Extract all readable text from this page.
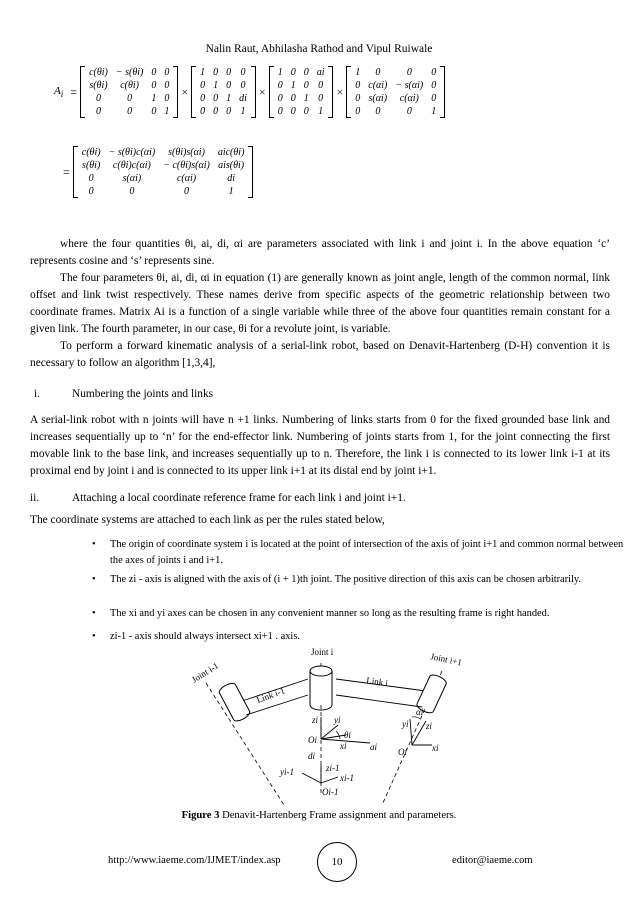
Nalin Raut, Abhilasha Rathod and Vipul Ruiwale
$A_i$ =
c(θi)	− s(θi)	0	0
s(θi)	c(θi)	0	0
0	0	1	0
0	0	0	1
×
1	0	0	0
0	1	0	0
0	0	1	di
0	0	0	1
×
1	0	0	ai
0	1	0	0
0	0	1	0
0	0	0	1
×
1	0	0	0
0	c(αi)	− s(αi)	0
0	s(αi)	c(αi)	0
0	0	0	1
=
c(θi)	− s(θi)c(αi)	s(θi)s(αi)	aic(θi)
s(θi)	c(θi)c(αi)	− c(θi)s(αi)	ais(θi)
0	s(αi)	c(αi)	di
0	0	0	1

where the four quantities θi, ai, di, αi are parameters associated with link i and joint i. In the above equation ‘c’ represents cosine and ‘s’ represents sine.

The four parameters θi, ai, di, αi in equation (1) are generally known as joint angle, length of the common normal, link offset and link twist respectively. These names derive from specific aspects of the geometric relationship between two coordinate frames. Matrix Ai is a function of a single variable while three of the above four quantities remain constant for a given link. The fourth parameter, in our case, θi for a revolute joint, is variable.

To perform a forward kinematic analysis of a serial-link robot, based on Denavit-Hartenberg (D-H) convention it is necessary to follow an algorithm [1,3,4],

i.	Numbering the joints and links

A serial-link robot with n joints will have n +1 links. Numbering of links starts from 0 for the fixed grounded base link and increases sequentially up to ‘n’ for the end-effector link. Numbering of joints starts from 1, for the joint connecting the first movable link to the base link, and increases sequentially up to n. Therefore, the link i is connected to its lower link i-1 at its proximal end by joint i and is connected to its upper link i+1 at its distal end by joint i+1.

ii.	Attaching a local coordinate reference frame for each link i and joint i+1.

The coordinate systems are attached to each link as per the rules stated below,

• The origin of coordinate system i is located at the point of intersection of the axis of joint i+1 and common normal between the axes of joints i and i+1.
• The zi - axis is aligned with the axis of (i + 1)th joint. The positive direction of this axis can be chosen arbitrarily.
• The xi and yi axes can be chosen in any convenient manner so long as the resulting frame is right handed.
• zi-1 - axis should always intersect xi+1 . axis.
Joint i-1
Joint i	Joint i+1
Link i-1
Link i
zi yi
θi
Oi
xi	ai
di
zi-1
xi-1
yi-1
Oi-1
αi
zi
yi
xi
Oi
Figure 3 Denavit-Hartenberg Frame assignment and parameters.
http://www.iaeme.com/IJMET/index.asp	10	editor@iaeme.com
